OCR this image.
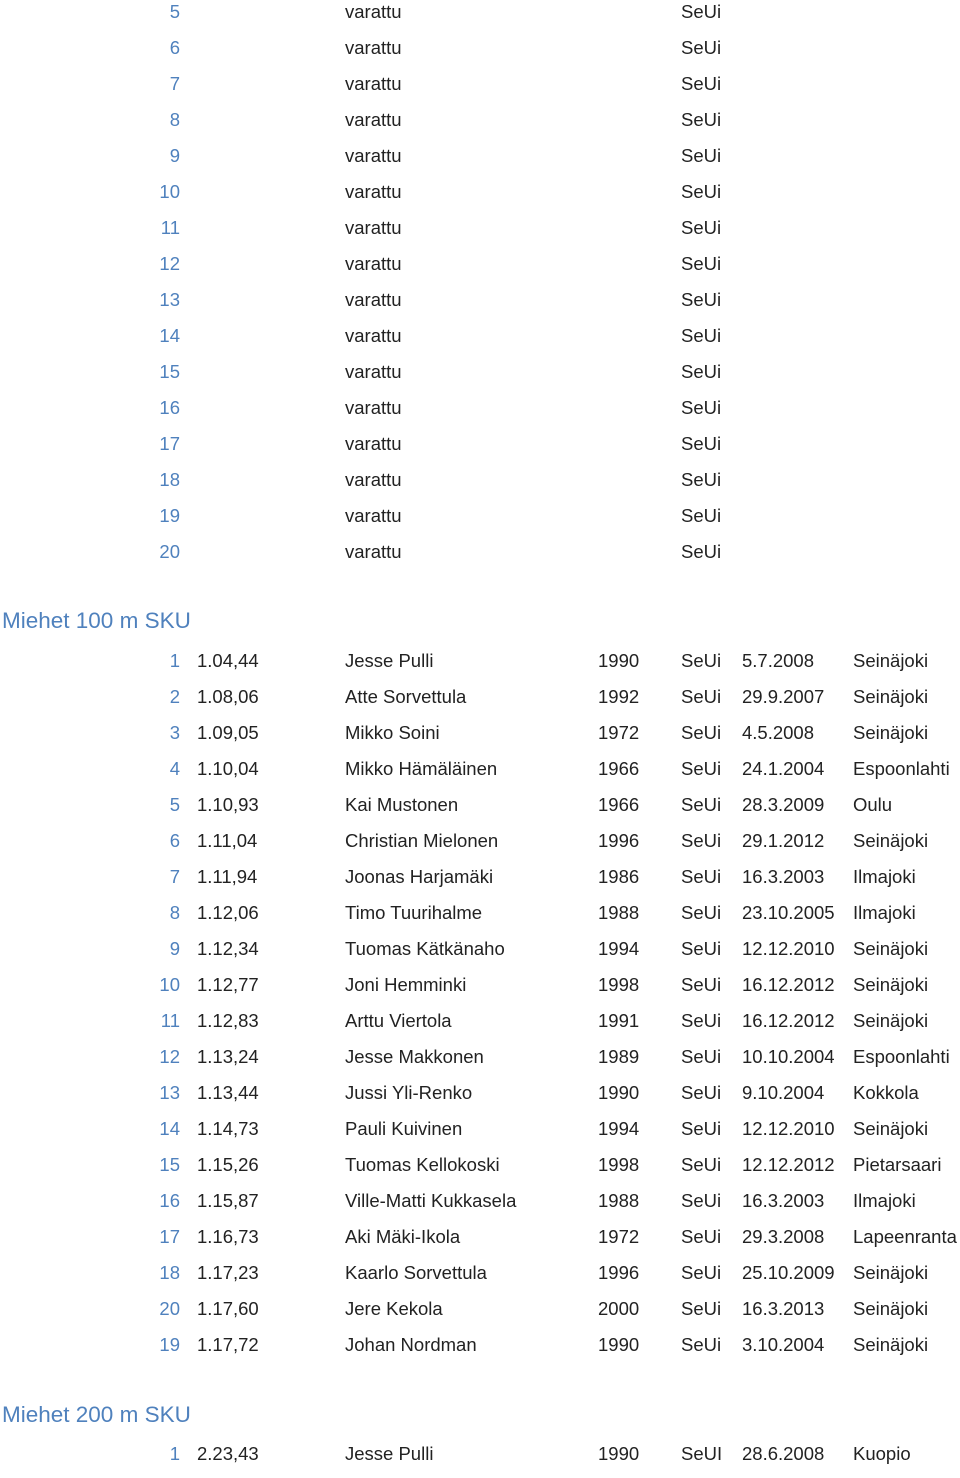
5	varattu	SeUi
6	varattu	SeUi
7	varattu	SeUi
8	varattu	SeUi
9	varattu	SeUi
10	varattu	SeUi
11	varattu	SeUi
12	varattu	SeUi
13	varattu	SeUi
14	varattu	SeUi
15	varattu	SeUi
16	varattu	SeUi
17	varattu	SeUi
18	varattu	SeUi
19	varattu	SeUi
20	varattu	SeUi
Miehet 100 m SKU
1 1.04,44	Jesse Pulli	1990 SeUi 5.7.2008 Seinäjoki
2 1.08,06	Atte Sorvettula	1992 SeUi 29.9.2007 Seinäjoki
3 1.09,05	Mikko Soini	1972 SeUi 4.5.2008 Seinäjoki
4 1.10,04	Mikko Hämäläinen	1966 SeUi 24.1.2004 Espoonlahti
5 1.10,93	Kai Mustonen	1966 SeUi 28.3.2009 Oulu
6 1.11,04	Christian Mielonen	1996 SeUi 29.1.2012 Seinäjoki
7 1.11,94	Joonas Harjamäki	1986 SeUi 16.3.2003 Ilmajoki
8 1.12,06	Timo Tuurihalme	1988 SeUi 23.10.2005 Ilmajoki
9 1.12,34	Tuomas Kätkänaho	1994 SeUi 12.12.2010 Seinäjoki
10 1.12,77	Joni Hemminki	1998 SeUi 16.12.2012 Seinäjoki
11 1.12,83	Arttu Viertola	1991 SeUi 16.12.2012 Seinäjoki
12 1.13,24	Jesse Makkonen	1989 SeUi 10.10.2004 Espoonlahti
13 1.13,44	Jussi Yli-Renko	1990 SeUi 9.10.2004 Kokkola
14 1.14,73	Pauli Kuivinen	1994 SeUi 12.12.2010 Seinäjoki
15 1.15,26	Tuomas Kellokoski	1998 SeUi 12.12.2012 Pietarsaari
16 1.15,87	Ville-Matti Kukkasela	1988 SeUi 16.3.2003 Ilmajoki
17 1.16,73	Aki Mäki-Ikola	1972 SeUi 29.3.2008 Lapeenranta
18 1.17,23	Kaarlo Sorvettula	1996 SeUi 25.10.2009 Seinäjoki
20 1.17,60	Jere Kekola	2000 SeUi 16.3.2013 Seinäjoki
19 1.17,72	Johan Nordman	1990 SeUi 3.10.2004 Seinäjoki
Miehet 200 m SKU
1 2.23,43	Jesse Pulli	1990 SeUI 28.6.2008 Kuopio
